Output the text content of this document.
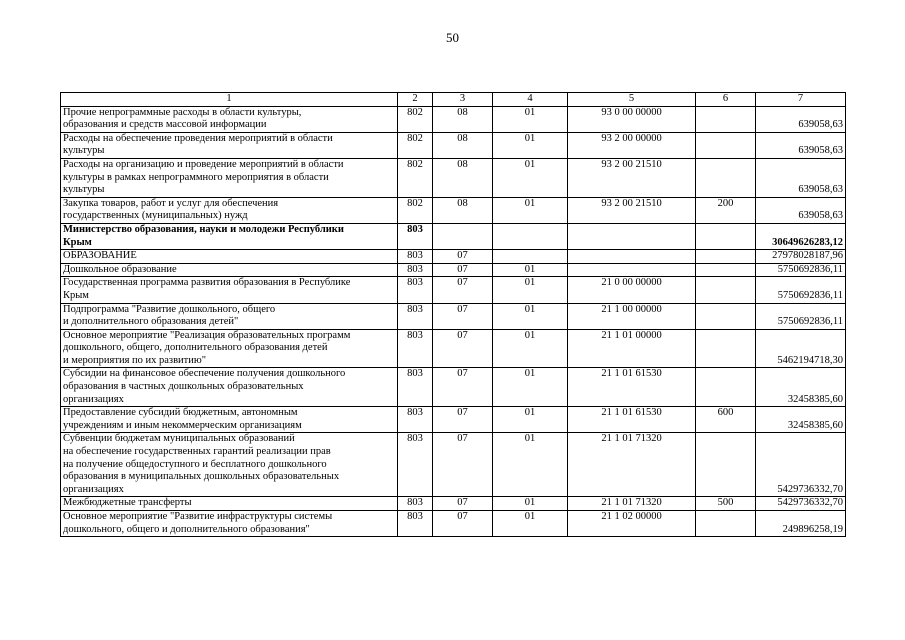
50
1	2	3	4	5	6	7
Прочие непрограммные расходы в области культуры,
образования и средств массовой информации	802	08	01	93 0 00 00000		639058,63
Расходы на обеспечение проведения мероприятий в области
культуры	802	08	01	93 2 00 00000		639058,63
Расходы на организацию и проведение мероприятий в области
культуры в рамках непрограммного мероприятия в области
культуры	802	08	01	93 2 00 21510		639058,63
Закупка товаров, работ и услуг для обеспечения
государственных (муниципальных) нужд	802	08	01	93 2 00 21510	200	639058,63
Министерство образования, науки и молодежи Республики
Крым	803					30649626283,12
ОБРАЗОВАНИЕ	803	07				27978028187,96
Дошкольное образование	803	07	01			5750692836,11
Государственная программа развития образования в Республике
Крым	803	07	01	21 0 00 00000		5750692836,11
Подпрограмма "Развитие дошкольного, общего
и дополнительного образования детей"	803	07	01	21 1 00 00000		5750692836,11
Основное мероприятие "Реализация образовательных программ
дошкольного, общего, дополнительного образования детей
и мероприятия по их развитию"	803	07	01	21 1 01 00000		5462194718,30
Субсидии на финансовое обеспечение получения дошкольного
образования в частных дошкольных образовательных
организациях	803	07	01	21 1 01 61530		32458385,60
Предоставление субсидий бюджетным, автономным
учреждениям и иным некоммерческим организациям	803	07	01	21 1 01 61530	600	32458385,60
Субвенции бюджетам муниципальных образований
на обеспечение государственных гарантий реализации прав
на получение общедоступного и бесплатного дошкольного
образования в муниципальных дошкольных образовательных
организациях	803	07	01	21 1 01 71320		5429736332,70
Межбюджетные трансферты	803	07	01	21 1 01 71320	500	5429736332,70
Основное мероприятие "Развитие инфраструктуры системы
дошкольного, общего и дополнительного образования"	803	07	01	21 1 02 00000		249896258,19
